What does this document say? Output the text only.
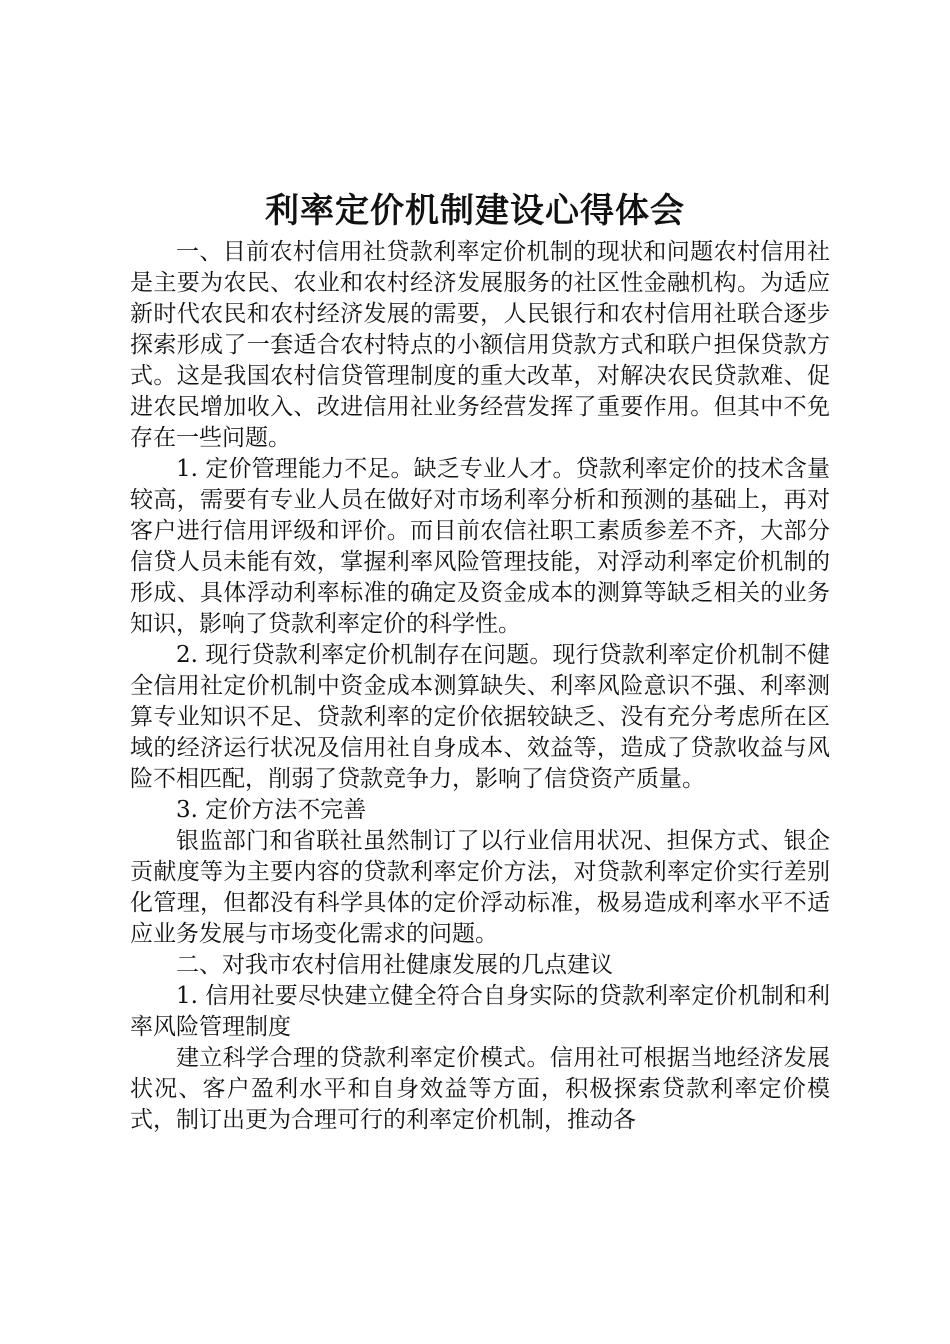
利率定价机制建设心得体会

一、目前农村信用社贷款利率定价机制的现状和问题农村信用社是主要为农民、农业和农村经济发展服务的社区性金融机构。为适应新时代农民和农村经济发展的需要，人民银行和农村信用社联合逐步探索形成了一套适合农村特点的小额信用贷款方式和联户担保贷款方式。这是我国农村信贷管理制度的重大改革，对解决农民贷款难、促进农民增加收入、改进信用社业务经营发挥了重要作用。但其中不免存在一些问题。

1. 定价管理能力不足。缺乏专业人才。贷款利率定价的技术含量较高，需要有专业人员在做好对市场利率分析和预测的基础上，再对客户进行信用评级和评价。而目前农信社职工素质参差不齐，大部分信贷人员未能有效，掌握利率风险管理技能，对浮动利率定价机制的形成、具体浮动利率标准的确定及资金成本的测算等缺乏相关的业务知识，影响了贷款利率定价的科学性。

2. 现行贷款利率定价机制存在问题。现行贷款利率定价机制不健全信用社定价机制中资金成本测算缺失、利率风险意识不强、利率测算专业知识不足、贷款利率的定价依据较缺乏、没有充分考虑所在区域的经济运行状况及信用社自身成本、效益等，造成了贷款收益与风险不相匹配，削弱了贷款竞争力，影响了信贷资产质量。

3. 定价方法不完善

银监部门和省联社虽然制订了以行业信用状况、担保方式、银企贡献度等为主要内容的贷款利率定价方法，对贷款利率定价实行差别化管理，但都没有科学具体的定价浮动标准，极易造成利率水平不适应业务发展与市场变化需求的问题。

二、对我市农村信用社健康发展的几点建议

1. 信用社要尽快建立健全符合自身实际的贷款利率定价机制和利率风险管理制度

建立科学合理的贷款利率定价模式。信用社可根据当地经济发展状况、客户盈利水平和自身效益等方面，积极探索贷款利率定价模式，制订出更为合理可行的利率定价机制，推动各
